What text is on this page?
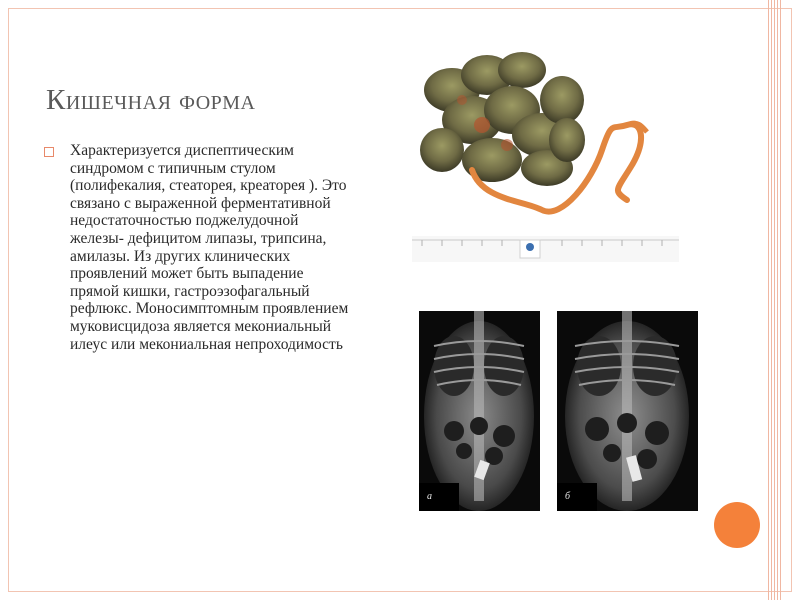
Кишечная форма
Характеризуется диспептическим синдромом с типичным стулом (полифекалия, стеаторея, креаторея ). Это связано с выраженной ферментативной недостаточностью поджелудочной железы- дефицитом липазы, трипсина, амилазы. Из других клинических проявлений может быть выпадение прямой кишки, гастроэзофагальный рефлюкс. Моносимптомным проявлением муковисцидоза является мекониальный илеус или мекониальная непроходимость
а	б
